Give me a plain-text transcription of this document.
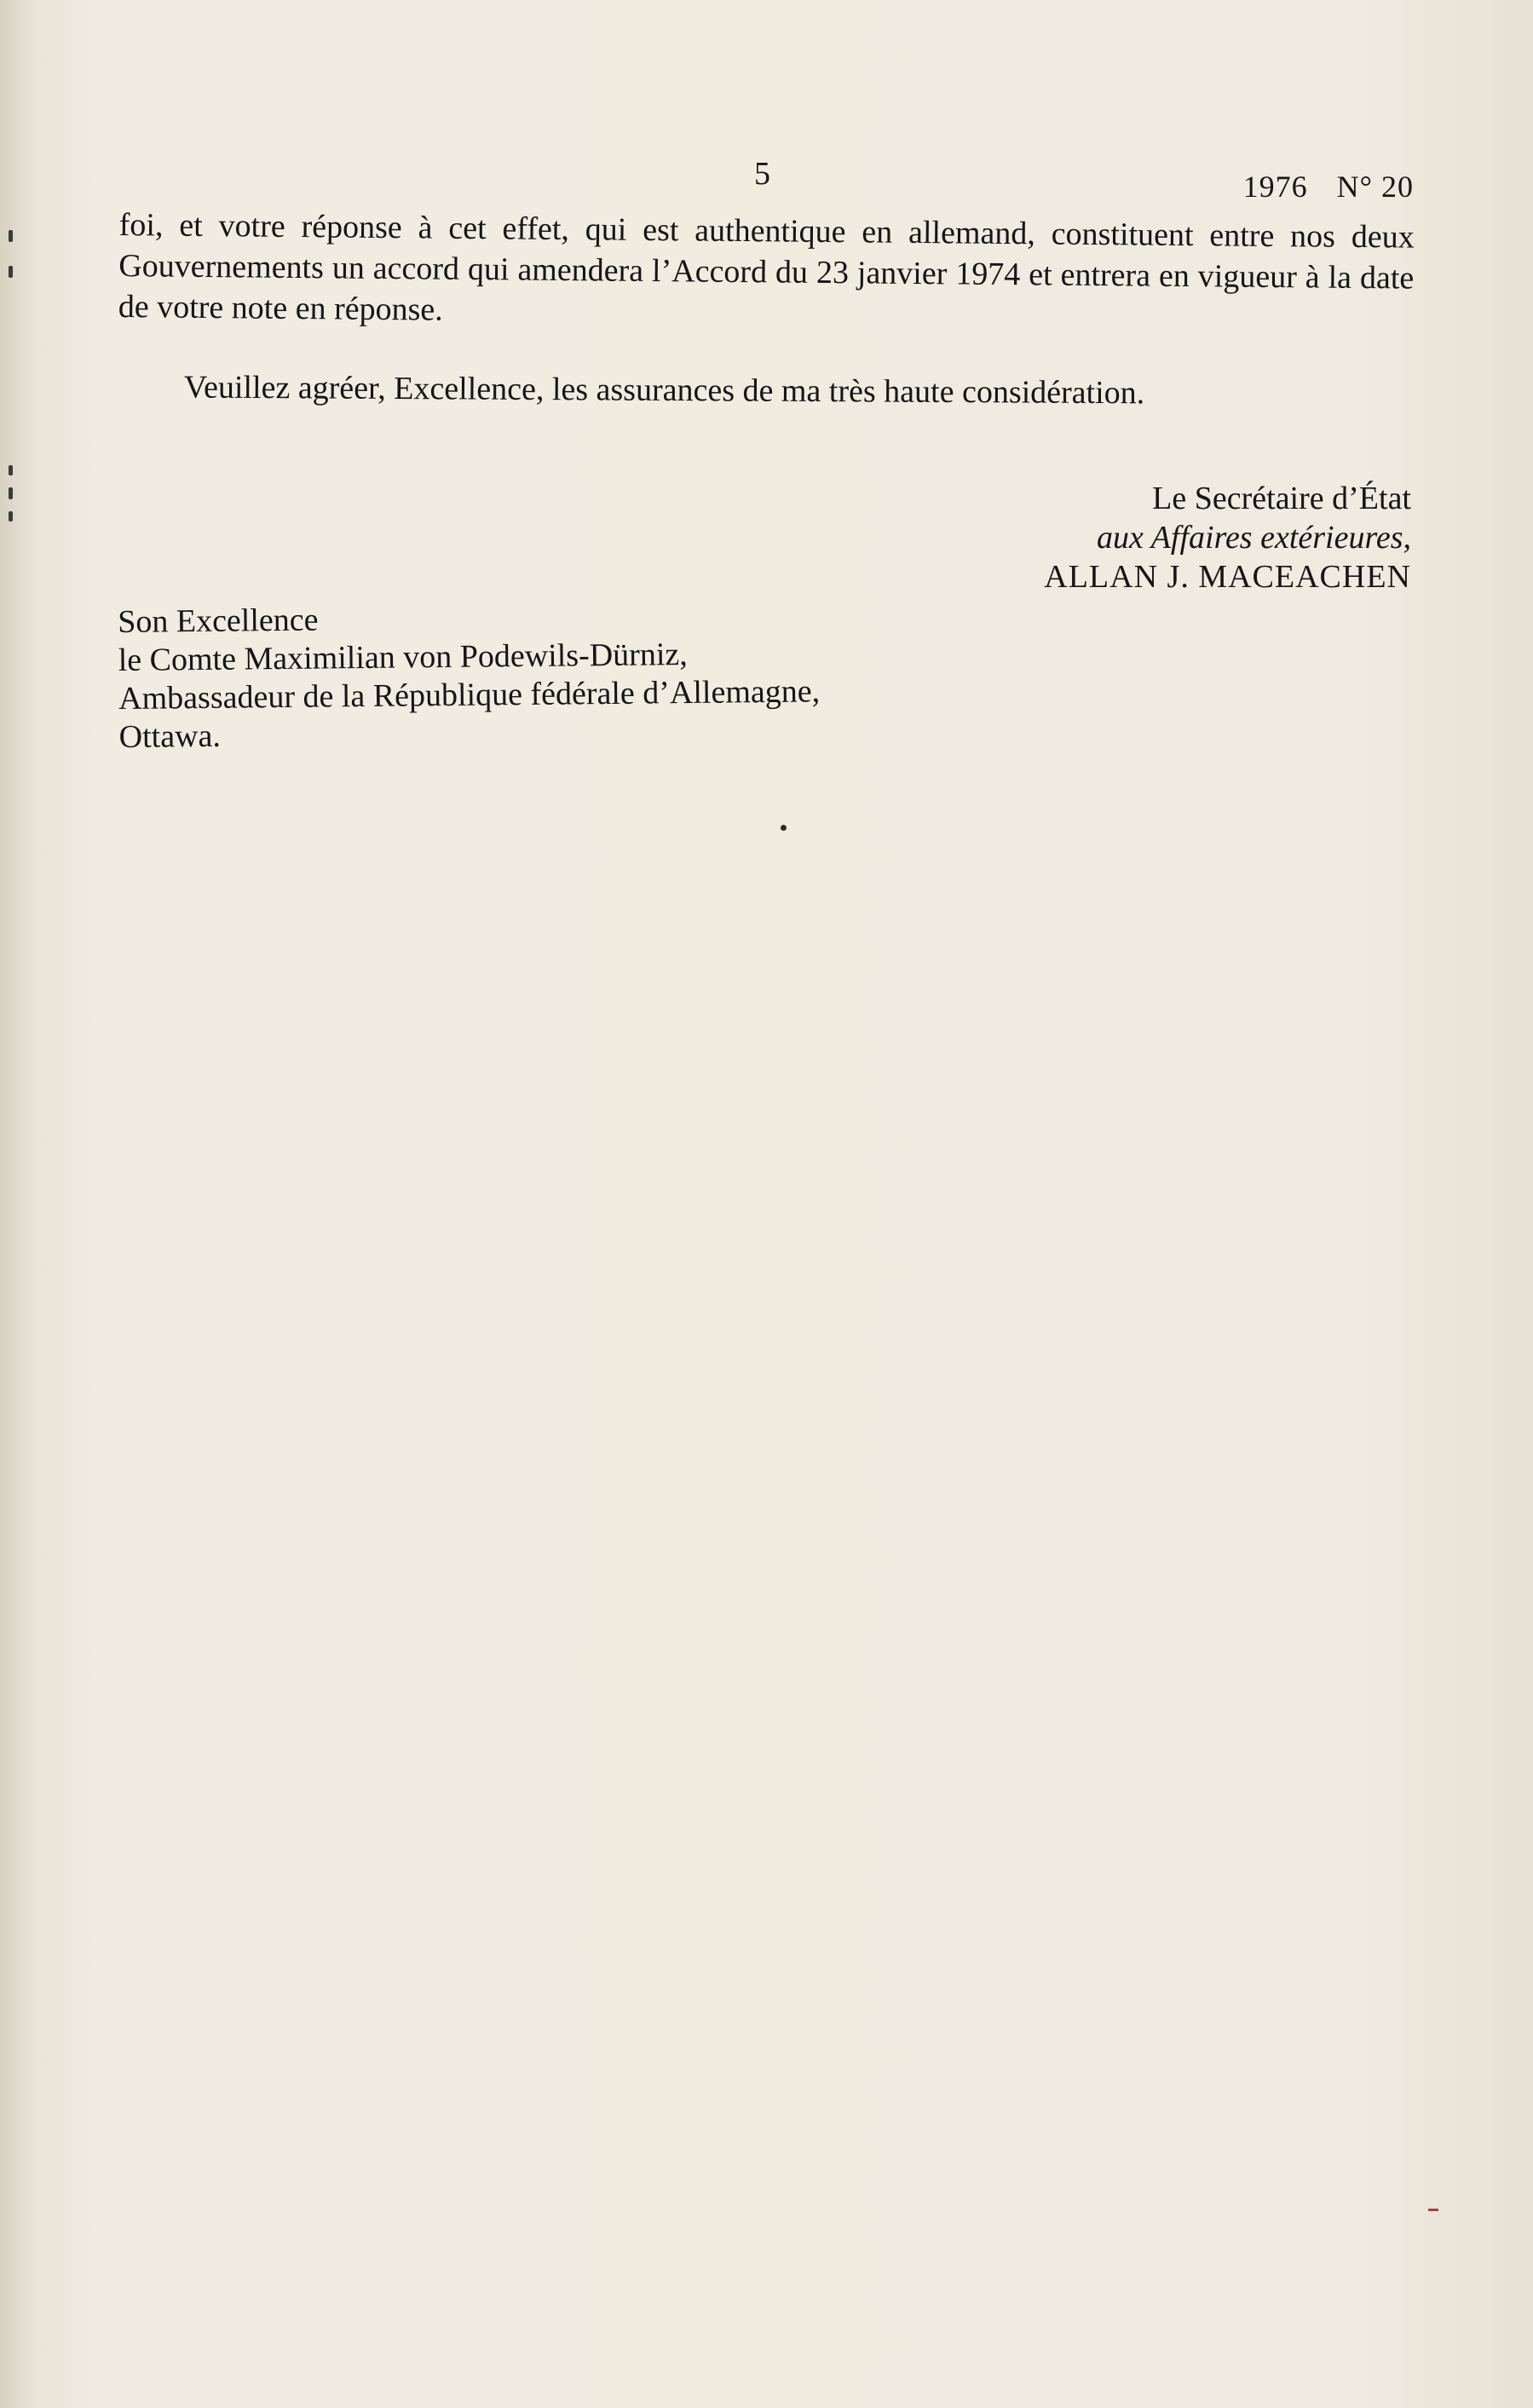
5	1976 N° 20
foi, et votre réponse à cet effet, qui est authentique en allemand, constituent entre nos deux Gouvernements un accord qui amendera l’Accord du 23 janvier 1974 et entrera en vigueur à la date de votre note en réponse.
Veuillez agréer, Excellence, les assurances de ma très haute considération.
Le Secrétaire d’État
aux Affaires extérieures,
ALLAN J. MACEACHEN
Son Excellence
le Comte Maximilian von Podewils-Dürniz,
Ambassadeur de la République fédérale d’Allemagne,
Ottawa.
